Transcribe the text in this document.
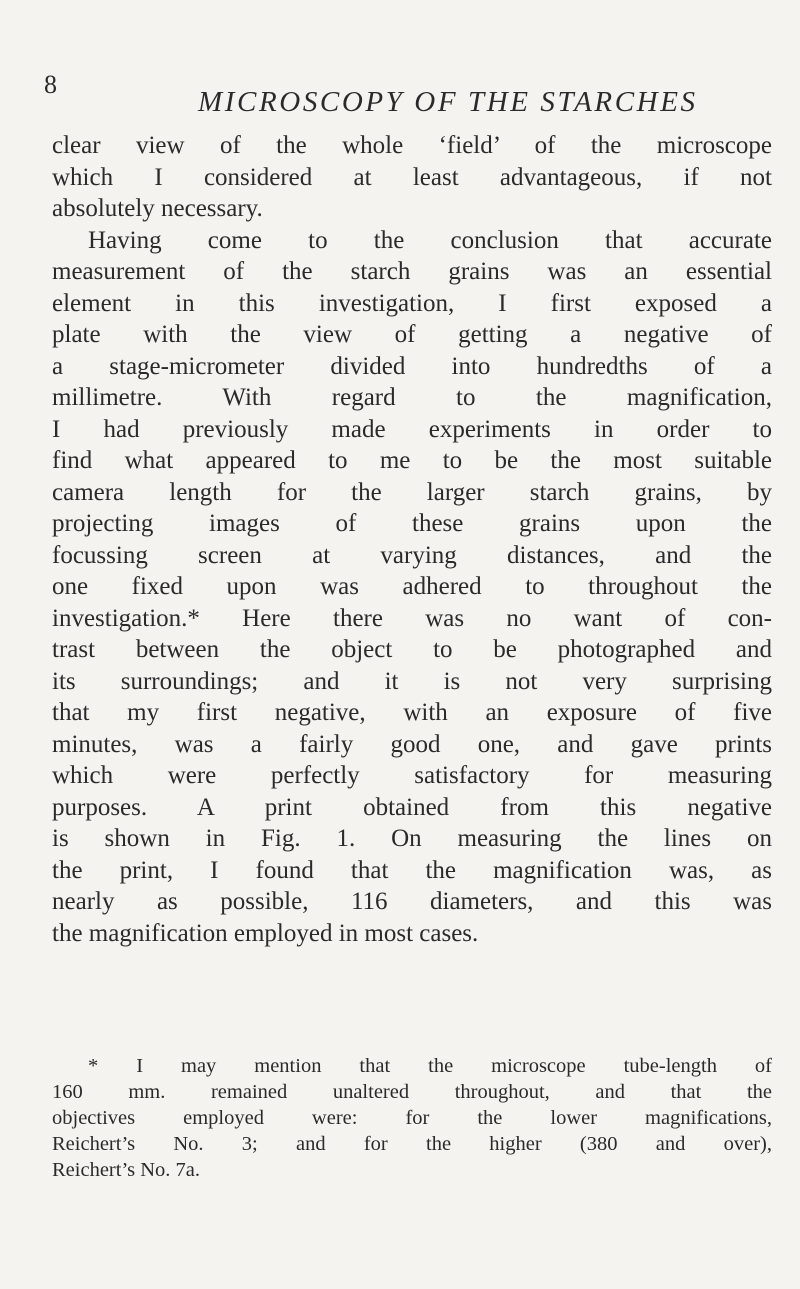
8
MICROSCOPY OF THE STARCHES
clear view of the whole ‘field’ of the microscope
which I considered at least advantageous, if not
absolutely necessary.
Having come to the conclusion that accurate
measurement of the starch grains was an essential
element in this investigation, I first exposed a
plate with the view of getting a negative of
a stage-micrometer divided into hundredths of a
millimetre. With regard to the magnification,
I had previously made experiments in order to
find what appeared to me to be the most suitable
camera length for the larger starch grains, by
projecting images of these grains upon the
focussing screen at varying distances, and the
one fixed upon was adhered to throughout the
investigation.* Here there was no want of con-
trast between the object to be photographed and
its surroundings; and it is not very surprising
that my first negative, with an exposure of five
minutes, was a fairly good one, and gave prints
which were perfectly satisfactory for measuring
purposes. A print obtained from this negative
is shown in Fig. 1. On measuring the lines on
the print, I found that the magnification was, as
nearly as possible, 116 diameters, and this was
the magnification employed in most cases.
* I may mention that the microscope tube-length of
160 mm. remained unaltered throughout, and that the
objectives employed were: for the lower magnifications,
Reichert’s No. 3; and for the higher (380 and over),
Reichert’s No. 7a.
